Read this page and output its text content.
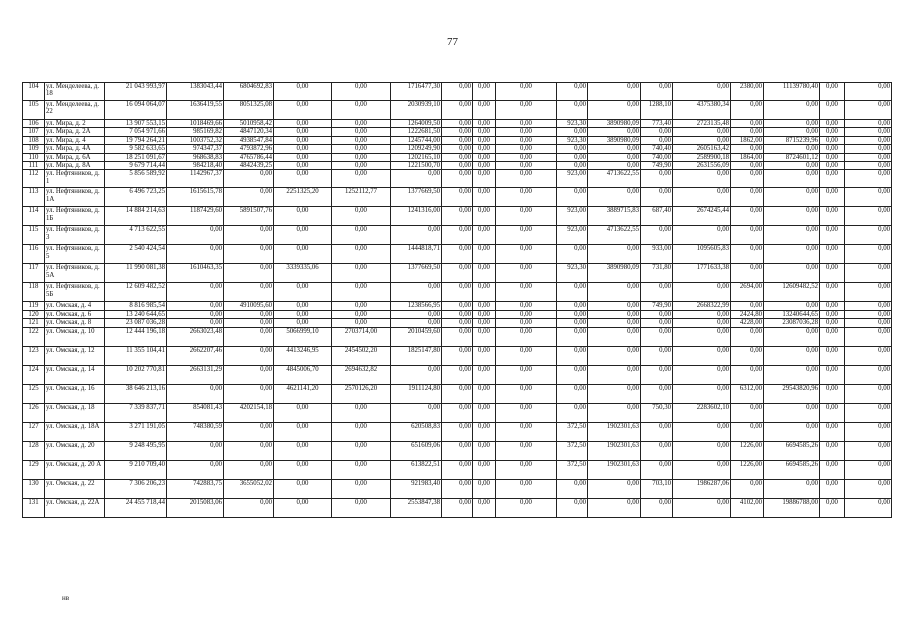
77
104	ул. Менделеева, д. 18	21 043 993,97	1383043,44	6804692,83	0,00	0,00	1716477,30	0,00	0,00	0,00	0,00	0,00	0,00	0,00	2380,00	11139780,40	0,00	0,00
105	ул. Менделеева, д. 22	16 094 064,07	1636419,55	8051325,08	0,00	0,00	2030939,10	0,00	0,00	0,00	0,00	0,00	1288,10	4375380,34	0,00	0,00	0,00	0,00
106	ул. Мира, д. 2	13 907 553,15	1018469,66	5010958,42	0,00	0,00	1264009,50	0,00	0,00	0,00	923,30	3890980,09	773,40	2723135,48	0,00	0,00	0,00	0,00
107	ул. Мира, д. 2А	7 054 971,66	985169,82	4847120,34	0,00	0,00	1222681,50	0,00	0,00	0,00	0,00	0,00	0,00	0,00	0,00	0,00	0,00	0,00
108	ул. Мира, д. 4	19 794 264,21	1003752,32	4938547,84	0,00	0,00	1245744,00	0,00	0,00	0,00	923,30	3890980,09	0,00	0,00	1862,00	8715239,96	0,00	0,00
109	ул. Мира, д. 4А	9 582 633,65	974347,37	4793872,96	0,00	0,00	1209249,90	0,00	0,00	0,00	0,00	0,00	740,40	2605163,42	0,00	0,00	0,00	0,00
110	ул. Мира, д. 6А	18 251 091,67	968638,83	4765786,44	0,00	0,00	1202165,10	0,00	0,00	0,00	0,00	0,00	740,00	2589900,18	1864,00	8724601,12	0,00	0,00
111	ул. Мира, д. 8А	9 679 714,44	984218,40	4842439,25	0,00	0,00	1221500,70	0,00	0,00	0,00	0,00	0,00	749,90	2631556,09	0,00	0,00	0,00	0,00
112	ул. Нефтяников, д. 1	5 856 589,92	1142967,37	0,00	0,00	0,00	0,00	0,00	0,00	0,00	923,00	4713622,55	0,00	0,00	0,00	0,00	0,00	0,00
113	ул. Нефтяников, д. 1А	6 496 723,25	1615615,78	0,00	2251325,20	1252112,77	1377669,50	0,00	0,00	0,00	0,00	0,00	0,00	0,00	0,00	0,00	0,00	0,00
114	ул. Нефтяников, д. 1Б	14 884 214,63	1187429,60	5891507,76	0,00	0,00	1241316,00	0,00	0,00	0,00	923,00	3889715,83	687,40	2674245,44	0,00	0,00	0,00	0,00
115	ул. Нефтяников, д. 3	4 713 622,55	0,00	0,00	0,00	0,00	0,00	0,00	0,00	0,00	923,00	4713622,55	0,00	0,00	0,00	0,00	0,00	0,00
116	ул. Нефтяников, д. 5	2 540 424,54	0,00	0,00	0,00	0,00	1444818,71	0,00	0,00	0,00	0,00	0,00	933,00	1095605,83	0,00	0,00	0,00	0,00
117	ул. Нефтяников, д. 5А	11 990 081,38	1610463,35	0,00	3339335,06	0,00	1377669,50	0,00	0,00	0,00	923,30	3890980,09	731,80	1771633,38	0,00	0,00	0,00	0,00
118	ул. Нефтяников, д. 5Б	12 609 482,52	0,00	0,00	0,00	0,00	0,00	0,00	0,00	0,00	0,00	0,00	0,00	0,00	2694,00	12609482,52	0,00	0,00
119	ул. Омская, д. 4	8 816 985,54	0,00	4910095,60	0,00	0,00	1238566,95	0,00	0,00	0,00	0,00	0,00	749,90	2668322,99	0,00	0,00	0,00	0,00
120	ул. Омская, д. 6	13 240 644,65	0,00	0,00	0,00	0,00	0,00	0,00	0,00	0,00	0,00	0,00	0,00	0,00	2424,80	13240644,65	0,00	0,00
121	ул. Омская, д. 8	23 087 036,28	0,00	0,00	0,00	0,00	0,00	0,00	0,00	0,00	0,00	0,00	0,00	0,00	4228,00	23087036,28	0,00	0,00
122	ул. Омская, д. 10	12 444 196,18	2663023,48	0,00	5066999,10	2703714,00	2010459,60	0,00	0,00	0,00	0,00	0,00	0,00	0,00	0,00	0,00	0,00	0,00
123	ул. Омская, д. 12	11 355 104,41	2662207,46	0,00	4413246,95	2454502,20	1825147,80	0,00	0,00	0,00	0,00	0,00	0,00	0,00	0,00	0,00	0,00	0,00
124	ул. Омская, д. 14	10 202 770,81	2663131,29	0,00	4845006,70	2694632,82	0,00	0,00	0,00	0,00	0,00	0,00	0,00	0,00	0,00	0,00	0,00	0,00
125	ул. Омская, д. 16	38 646 213,16	0,00	0,00	4621141,20	2570126,20	1911124,80	0,00	0,00	0,00	0,00	0,00	0,00	0,00	6312,00	29543820,96	0,00	0,00
126	ул. Омская, д. 18	7 339 837,71	854081,43	4202154,18	0,00	0,00	0,00	0,00	0,00	0,00	0,00	0,00	750,30	2283602,10	0,00	0,00	0,00	0,00
127	ул. Омская, д. 18А	3 271 191,05	748380,59	0,00	0,00	0,00	620508,83	0,00	0,00	0,00	372,50	1902301,63	0,00	0,00	0,00	0,00	0,00	0,00
128	ул. Омская, д. 20	9 248 495,95	0,00	0,00	0,00	0,00	651609,06	0,00	0,00	0,00	372,50	1902301,63	0,00	0,00	1226,00	6694585,26	0,00	0,00
129	ул. Омская, д. 20 А	9 210 709,40	0,00	0,00	0,00	0,00	613822,51	0,00	0,00	0,00	372,50	1902301,63	0,00	0,00	1226,00	6694585,26	0,00	0,00
130	ул. Омская, д. 22	7 306 206,23	742883,75	3655052,02	0,00	0,00	921983,40	0,00	0,00	0,00	0,00	0,00	703,10	1986287,06	0,00	0,00	0,00	0,00
131	ул. Омская, д. 22А	24 455 718,44	2015083,06	0,00	0,00	0,00	2553847,38	0,00	0,00	0,00	0,00	0,00	0,00	0,00	4102,00	19886788,00	0,00	0,00
нв
